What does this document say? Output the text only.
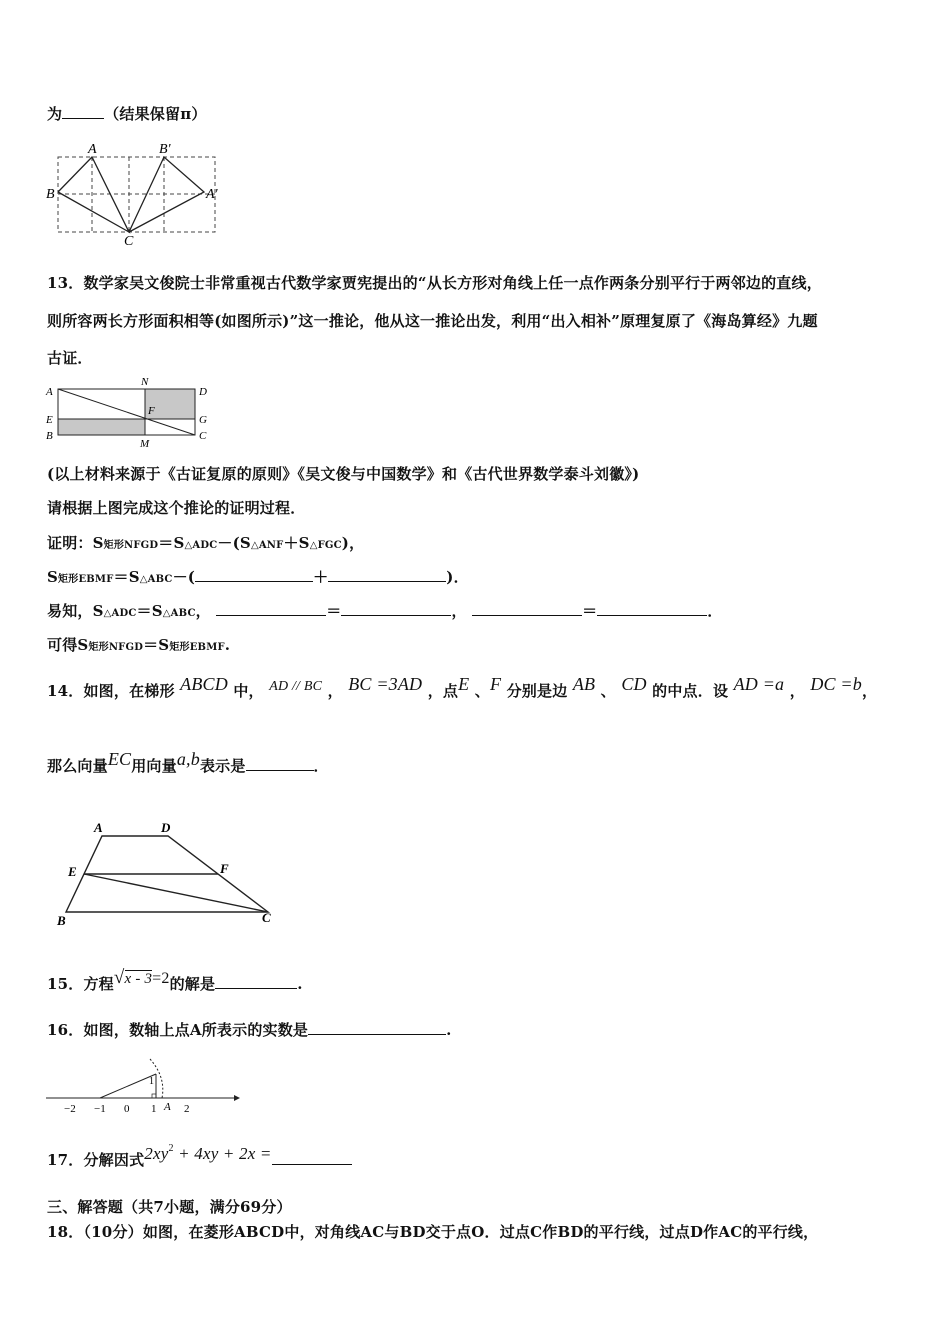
为	（结果保留π）
A	B'
B	A'
C
13．数学家吴文俊院士非常重视古代数学家贾宪提出的“从长方形对角线上任一点作两条分别平行于两邻边的直线，
则所容两长方形面积相等(如图所示)”这一推论，他从这一推论出发，利用“出入相补”原理复原了《海岛算经》九题
古证．
A
N
D
E
F
G
B
M
C
(以上材料来源于《古证复原的原则》《吴文俊与中国数学》和《古代世界数学泰斗刘徽》)
请根据上图完成这个推论的证明过程．
证明：S矩形NFGD＝S△ADC－(S△ANF＋S△FGC)，
S矩形EBMF＝S△ABC－(	＋	)．
易知，S△ADC＝S△ABC，	＝	，	＝	．
可得S矩形NFGD＝S矩形EBMF.
14．如图，在梯形 ABCD 中， AD // BC ， BC =3AD ，点E 、F 分别是边 AB 、 CD 的中点．设 AD =a ， DC =b，
那么向量EC用向量a,b表示是	．
A	D
E	F
B	C
15．方程√x - 3=2的解是	.
16．如图，数轴上点A所表示的实数是	.
−2 −1 0 1 A 2
1
17．分解因式$2xy^2 + 4xy + 2x$ =
三、解答题（共7小题，满分69分）
18．（10分）如图，在菱形ABCD中，对角线AC与BD交于点O．过点C作BD的平行线，过点D作AC的平行线，
